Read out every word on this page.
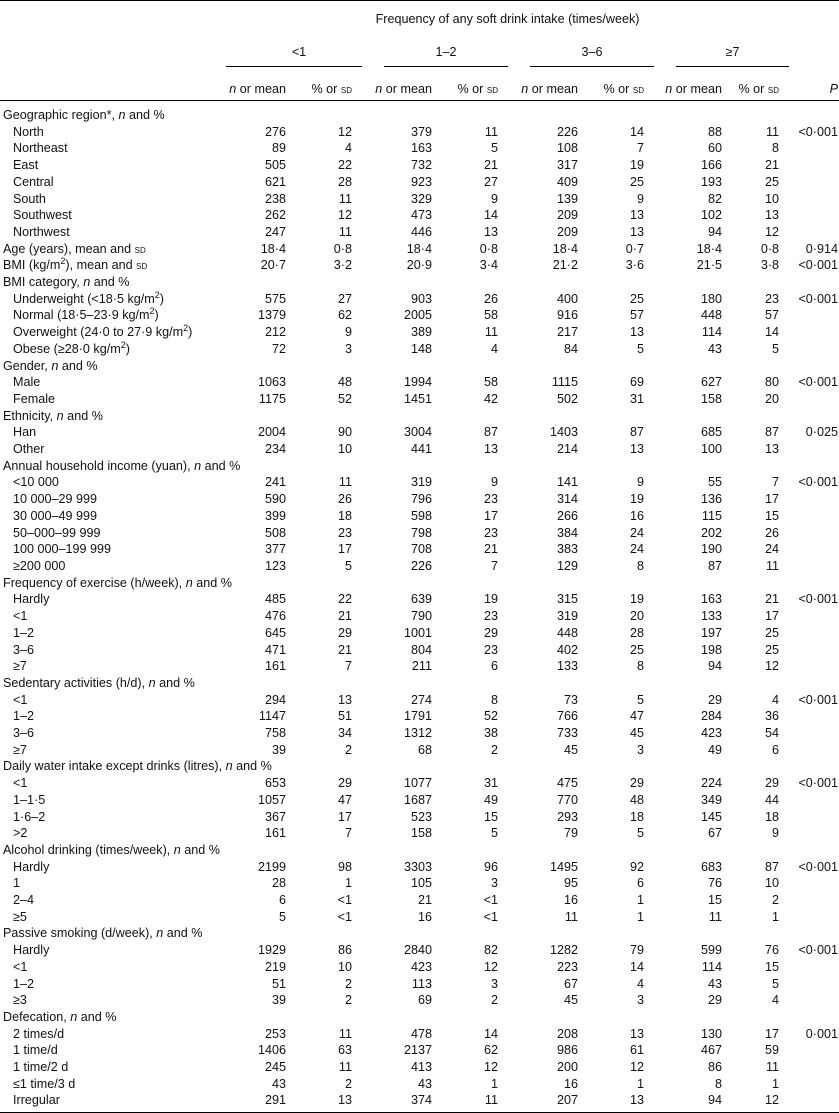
	Frequency of any soft drink intake (times/week)								

	<1		1–2		3–6		≥7		

	n or mean	% or sd	n or mean	% or sd	n or mean	% or sd	n or mean	% or sd	P
Geographic region*, n and %									
North	276	12	379	11	226	14	88	11	<0·001
Northeast	89	4	163	5	108	7	60	8	
East	505	22	732	21	317	19	166	21	
Central	621	28	923	27	409	25	193	25	
South	238	11	329	9	139	9	82	10	
Southwest	262	12	473	14	209	13	102	13	
Northwest	247	11	446	13	209	13	94	12	
Age (years), mean and sd	18·4	0·8	18·4	0·8	18·4	0·7	18·4	0·8	0·914
BMI $(kg/m^2)$, mean and sd	20·7	3·2	20·9	3·4	21·2	3·6	21·5	3·8	<0·001
BMI category, n and %									
Underweight (<18·5 $kg/m^2$)	575	27	903	26	400	25	180	23	<0·001
Normal (18·5–23·9 $kg/m^2$)	1379	62	2005	58	916	57	448	57	
Overweight (24·0 to 27·9 $kg/m^2$)	212	9	389	11	217	13	114	14	
Obese (≥28·0 $kg/m^2$)	72	3	148	4	84	5	43	5	
Gender, n and %									
Male	1063	48	1994	58	1115	69	627	80	<0·001
Female	1175	52	1451	42	502	31	158	20	
Ethnicity, n and %									
Han	2004	90	3004	87	1403	87	685	87	0·025
Other	234	10	441	13	214	13	100	13	
Annual household income (yuan), n and %									
<10 000	241	11	319	9	141	9	55	7	<0·001
10 000–29 999	590	26	796	23	314	19	136	17	
30 000–49 999	399	18	598	17	266	16	115	15	
50–000–99 999	508	23	798	23	384	24	202	26	
100 000–199 999	377	17	708	21	383	24	190	24	
≥200 000	123	5	226	7	129	8	87	11	
Frequency of exercise (h/week), n and %									
Hardly	485	22	639	19	315	19	163	21	<0·001
<1	476	21	790	23	319	20	133	17	
1–2	645	29	1001	29	448	28	197	25	
3–6	471	21	804	23	402	25	198	25	
≥7	161	7	211	6	133	8	94	12	
Sedentary activities (h/d), n and %									
<1	294	13	274	8	73	5	29	4	<0·001
1–2	1147	51	1791	52	766	47	284	36	
3–6	758	34	1312	38	733	45	423	54	
≥7	39	2	68	2	45	3	49	6	
Daily water intake except drinks (litres), n and %									
<1	653	29	1077	31	475	29	224	29	<0·001
1–1·5	1057	47	1687	49	770	48	349	44	
1·6–2	367	17	523	15	293	18	145	18	
>2	161	7	158	5	79	5	67	9	
Alcohol drinking (times/week), n and %									
Hardly	2199	98	3303	96	1495	92	683	87	<0·001
1	28	1	105	3	95	6	76	10	
2–4	6	<1	21	<1	16	1	15	2	
≥5	5	<1	16	<1	11	1	11	1	
Passive smoking (d/week), n and %									
Hardly	1929	86	2840	82	1282	79	599	76	<0·001
<1	219	10	423	12	223	14	114	15	
1–2	51	2	113	3	67	4	43	5	
≥3	39	2	69	2	45	3	29	4	
Defecation, n and %									
2 times/d	253	11	478	14	208	13	130	17	0·001
1 time/d	1406	63	2137	62	986	61	467	59	
1 time/2 d	245	11	413	12	200	12	86	11	
≤1 time/3 d	43	2	43	1	16	1	8	1	
Irregular	291	13	374	11	207	13	94	12	
